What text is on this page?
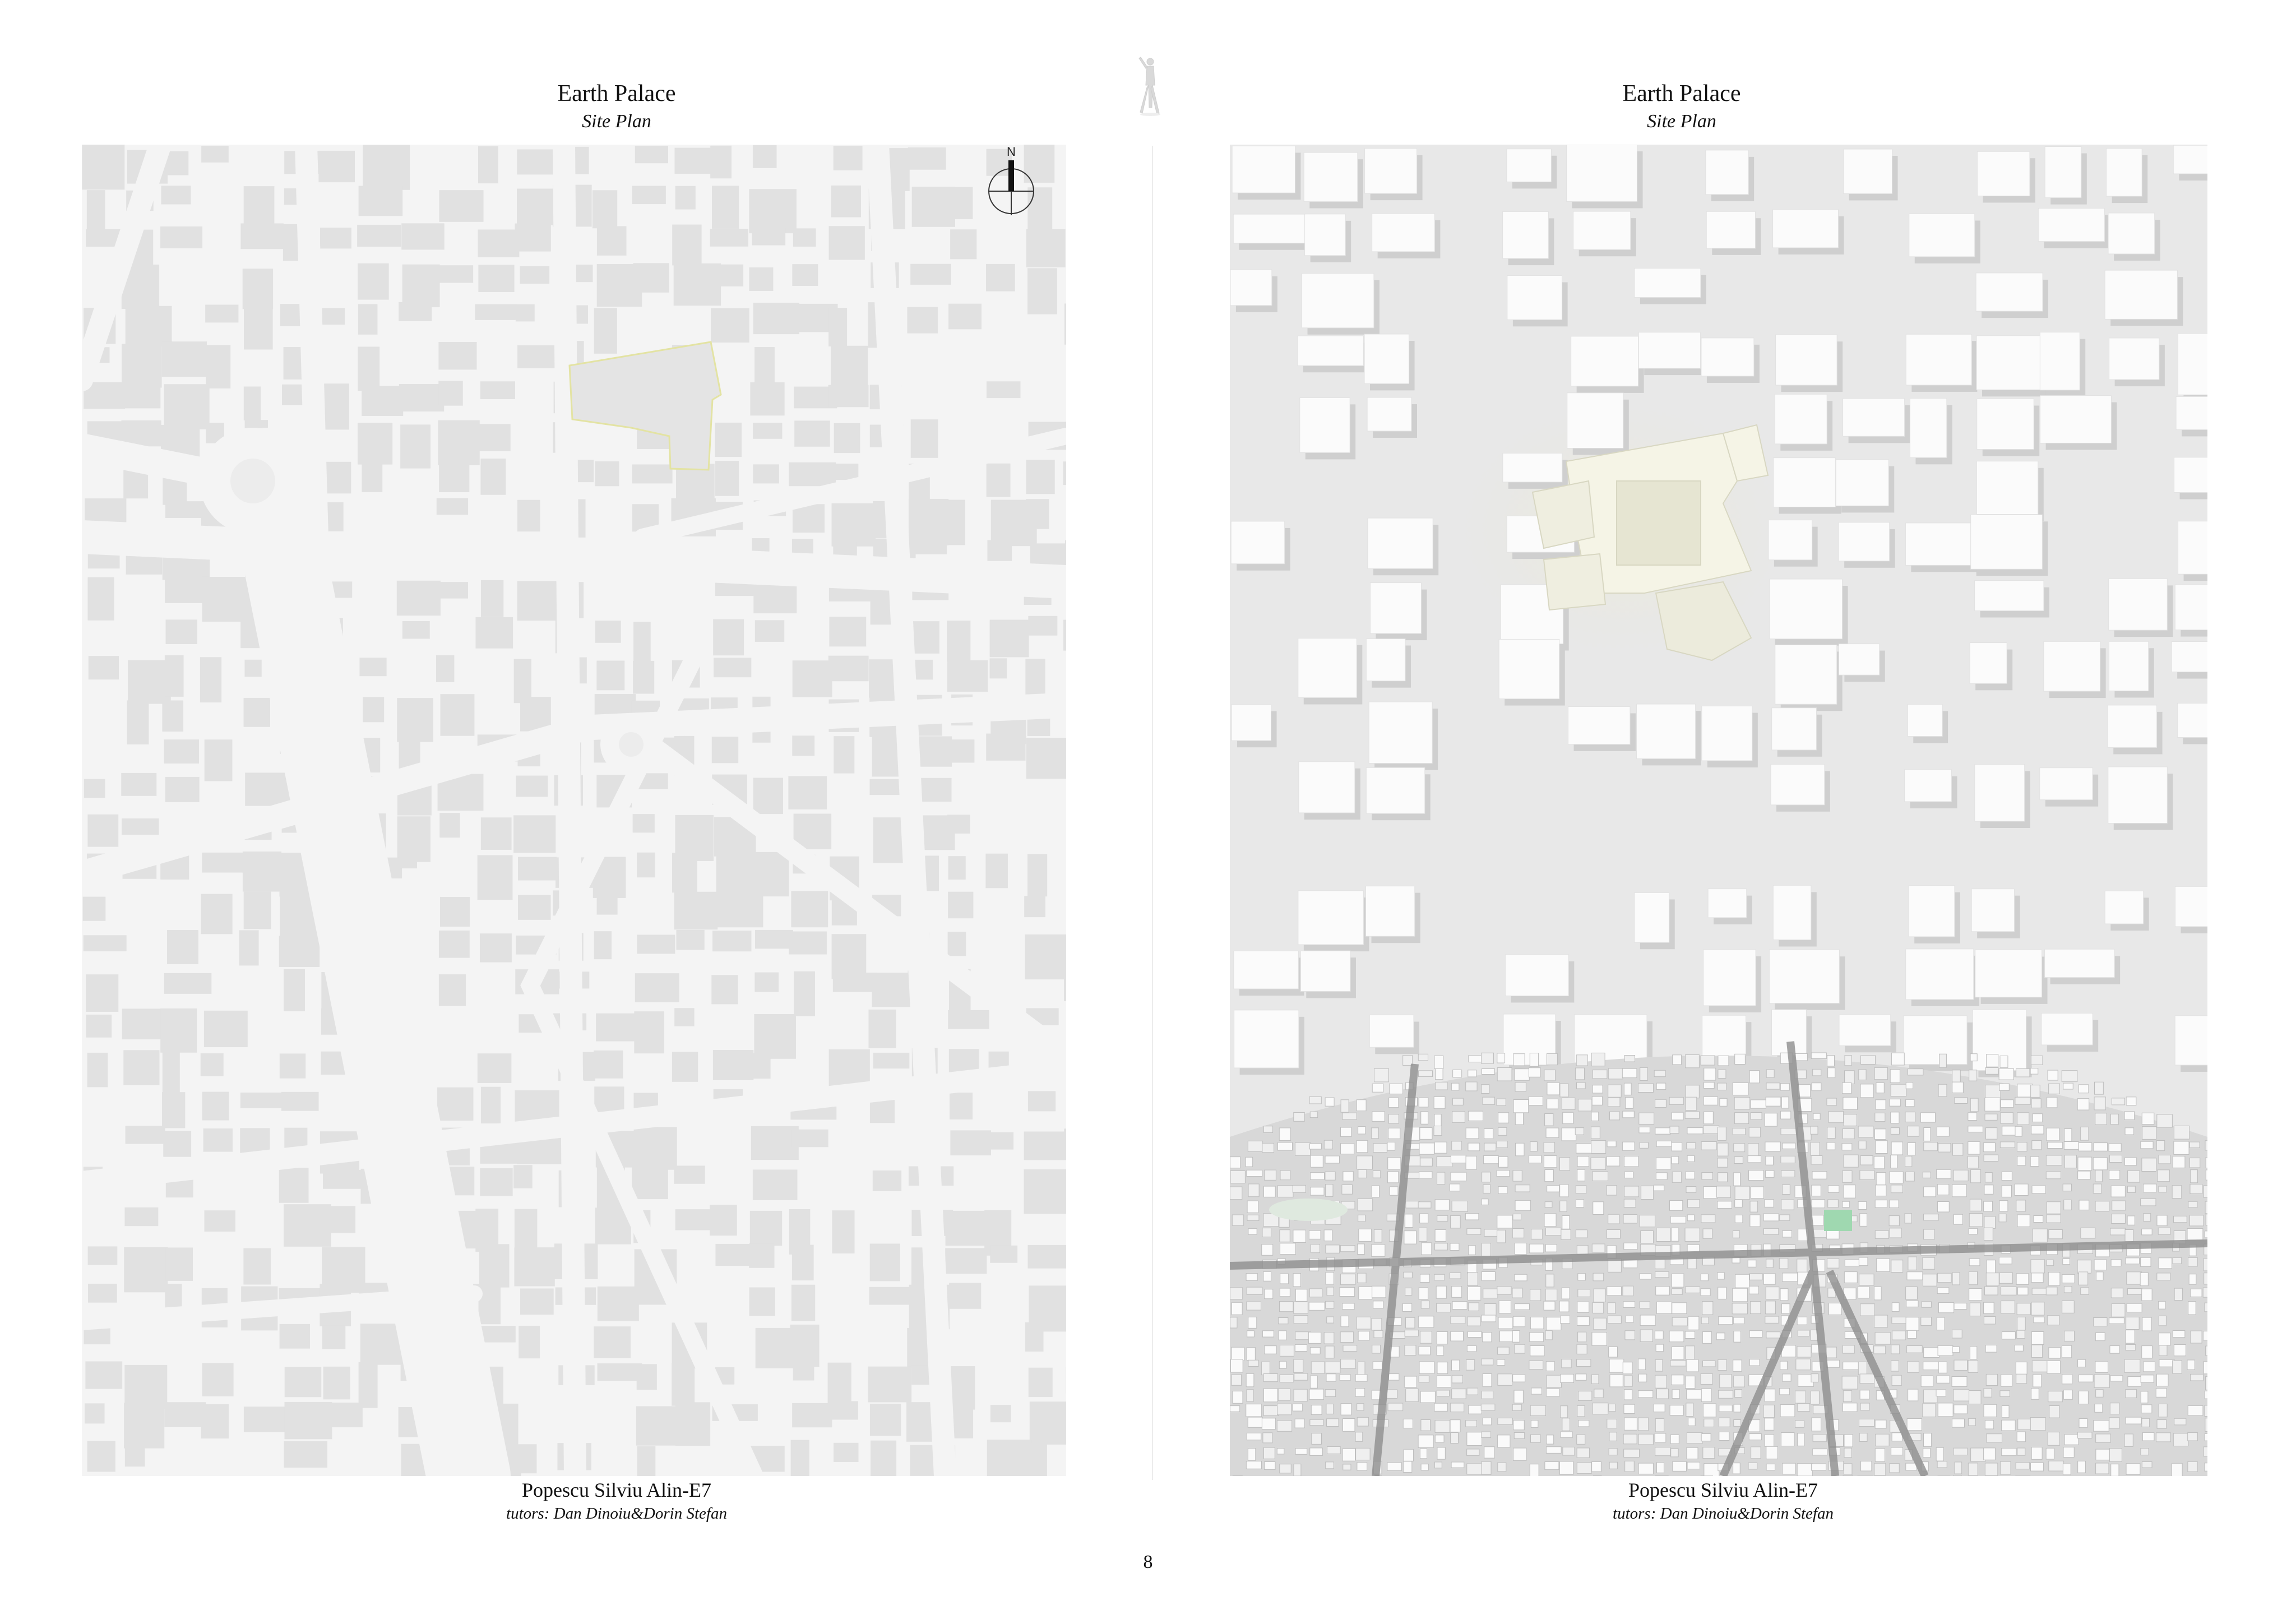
Earth Palace
Site Plan
N
Popescu Silviu Alin-E7
tutors: Dan Dinoiu&Dorin Stefan
Earth Palace
Site Plan
Popescu Silviu Alin-E7
tutors: Dan Dinoiu&Dorin Stefan
8
